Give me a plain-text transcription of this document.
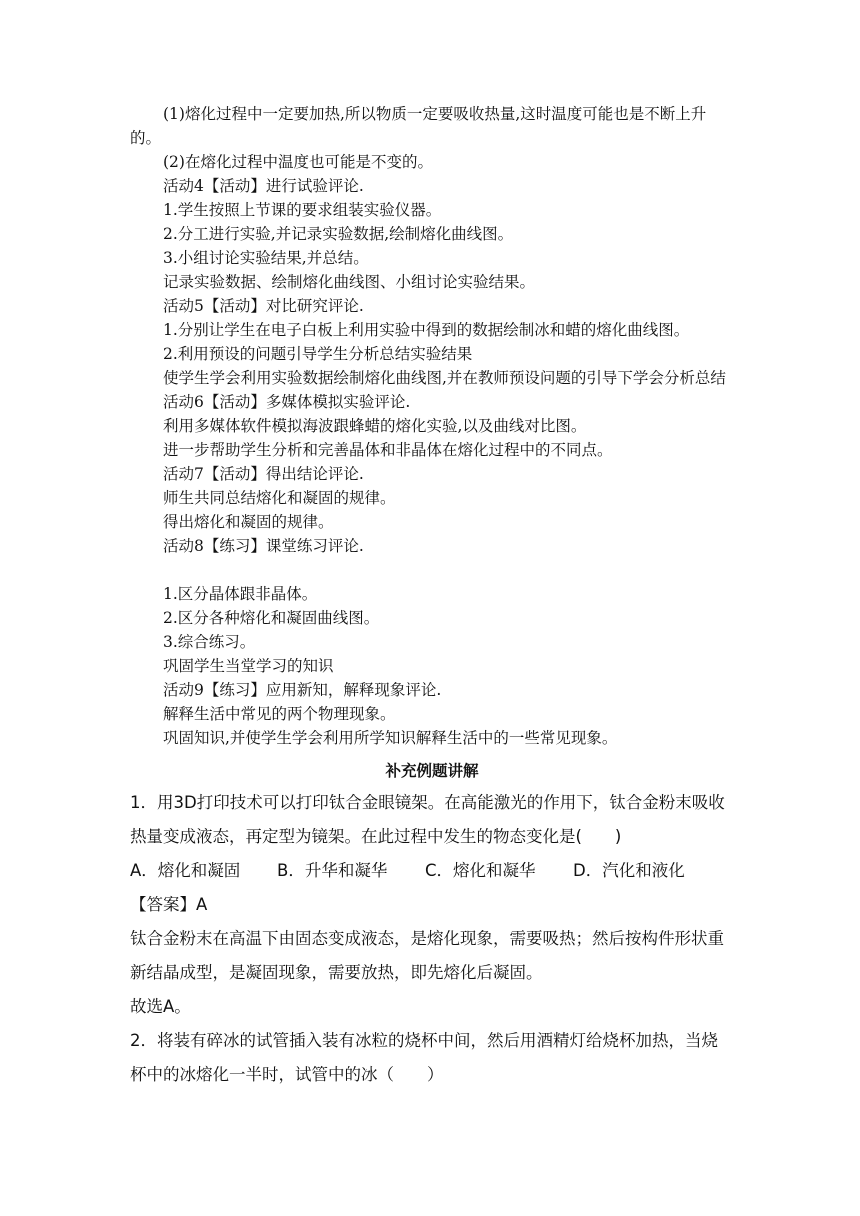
(1)熔化过程中一定要加热,所以物质一定要吸收热量,这时温度可能也是不断上升的。

(2)在熔化过程中温度也可能是不变的。

活动4【活动】进行试验评论.

1.学生按照上节课的要求组装实验仪器。

2.分工进行实验,并记录实验数据,绘制熔化曲线图。

3.小组讨论实验结果,并总结。

记录实验数据、绘制熔化曲线图、小组讨论实验结果。

活动5【活动】对比研究评论.

1.分别让学生在电子白板上利用实验中得到的数据绘制冰和蜡的熔化曲线图。

2.利用预设的问题引导学生分析总结实验结果

使学生学会利用实验数据绘制熔化曲线图,并在教师预设问题的引导下学会分析总结

活动6【活动】多媒体模拟实验评论.

利用多媒体软件模拟海波跟蜂蜡的熔化实验,以及曲线对比图。

进一步帮助学生分析和完善晶体和非晶体在熔化过程中的不同点。

活动7【活动】得出结论评论.

师生共同总结熔化和凝固的规律。

得出熔化和凝固的规律。

活动8【练习】课堂练习评论.

1.区分晶体跟非晶体。

2.区分各种熔化和凝固曲线图。

3.综合练习。

巩固学生当堂学习的知识

活动9【练习】应用新知，解释现象评论.

解释生活中常见的两个物理现象。

巩固知识,并使学生学会利用所学知识解释生活中的一些常见现象。

补充例题讲解

1．用3D打印技术可以打印钛合金眼镜架。在高能激光的作用下，钛合金粉末吸收热量变成液态，再定型为镜架。在此过程中发生的物态变化是(　　)

A．熔化和凝固	B．升华和凝华	C．熔化和凝华	D．汽化和液化

【答案】A

钛合金粉末在高温下由固态变成液态，是熔化现象，需要吸热；然后按构件形状重新结晶成型，是凝固现象，需要放热，即先熔化后凝固。

故选A。

2．将装有碎冰的试管插入装有冰粒的烧杯中间，然后用酒精灯给烧杯加热，当烧杯中的冰熔化一半时，试管中的冰（　　）
